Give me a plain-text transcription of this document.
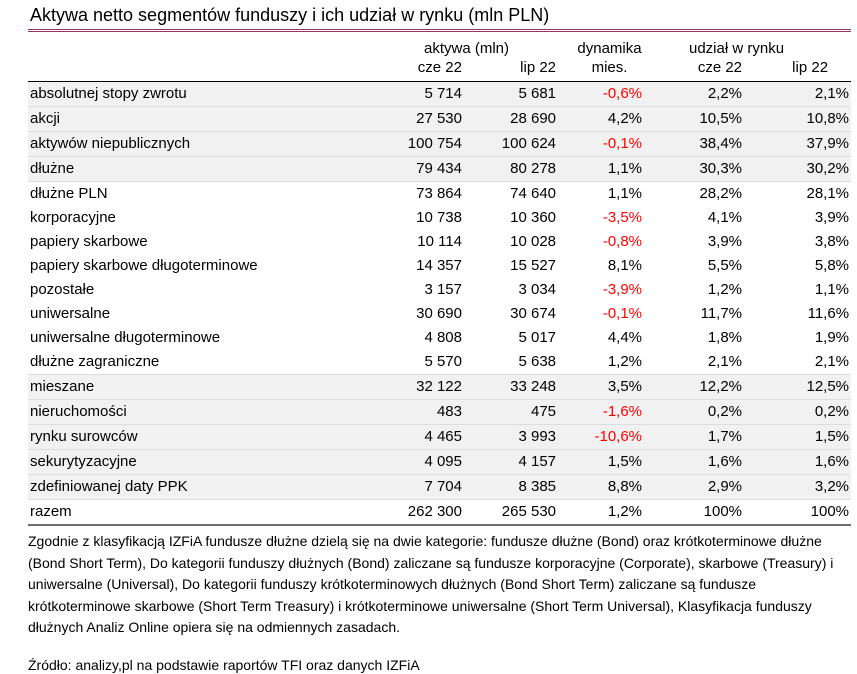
Aktywa netto segmentów funduszy i ich udział w rynku (mln PLN)
	aktywa (mln)		dynamika	udział w rynku	
	cze 22	lip 22	mies.	cze 22	lip 22
absolutnej stopy zwrotu	5 714	5 681	-0,6%	2,2%	2,1%
akcji	27 530	28 690	4,2%	10,5%	10,8%
aktywów niepublicznych	100 754	100 624	-0,1%	38,4%	37,9%
dłużne	79 434	80 278	1,1%	30,3%	30,2%
dłużne PLN	73 864	74 640	1,1%	28,2%	28,1%
korporacyjne	10 738	10 360	-3,5%	4,1%	3,9%
papiery skarbowe	10 114	10 028	-0,8%	3,9%	3,8%
papiery skarbowe długoterminowe	14 357	15 527	8,1%	5,5%	5,8%
pozostałe	3 157	3 034	-3,9%	1,2%	1,1%
uniwersalne	30 690	30 674	-0,1%	11,7%	11,6%
uniwersalne długoterminowe	4 808	5 017	4,4%	1,8%	1,9%
dłużne zagraniczne	5 570	5 638	1,2%	2,1%	2,1%
mieszane	32 122	33 248	3,5%	12,2%	12,5%
nieruchomości	483	475	-1,6%	0,2%	0,2%
rynku surowców	4 465	3 993	-10,6%	1,7%	1,5%
sekurytyzacyjne	4 095	4 157	1,5%	1,6%	1,6%
zdefiniowanej daty PPK	7 704	8 385	8,8%	2,9%	3,2%
razem	262 300	265 530	1,2%	100%	100%
Zgodnie z klasyfikacją IZFiA fundusze dłużne dzielą się na dwie kategorie: fundusze dłużne (Bond) oraz krótkoterminowe dłużne (Bond Short Term), Do kategorii funduszy dłużnych (Bond) zaliczane są fundusze korporacyjne (Corporate), skarbowe (Treasury) i uniwersalne (Universal), Do kategorii funduszy krótkoterminowych dłużnych (Bond Short Term) zaliczane są fundusze krótkoterminowe skarbowe (Short Term Treasury) i krótkoterminowe uniwersalne (Short Term Universal), Klasyfikacja funduszy dłużnych Analiz Online opiera się na odmiennych zasadach.
Źródło: analizy,pl na podstawie raportów TFI oraz danych IZFiA
